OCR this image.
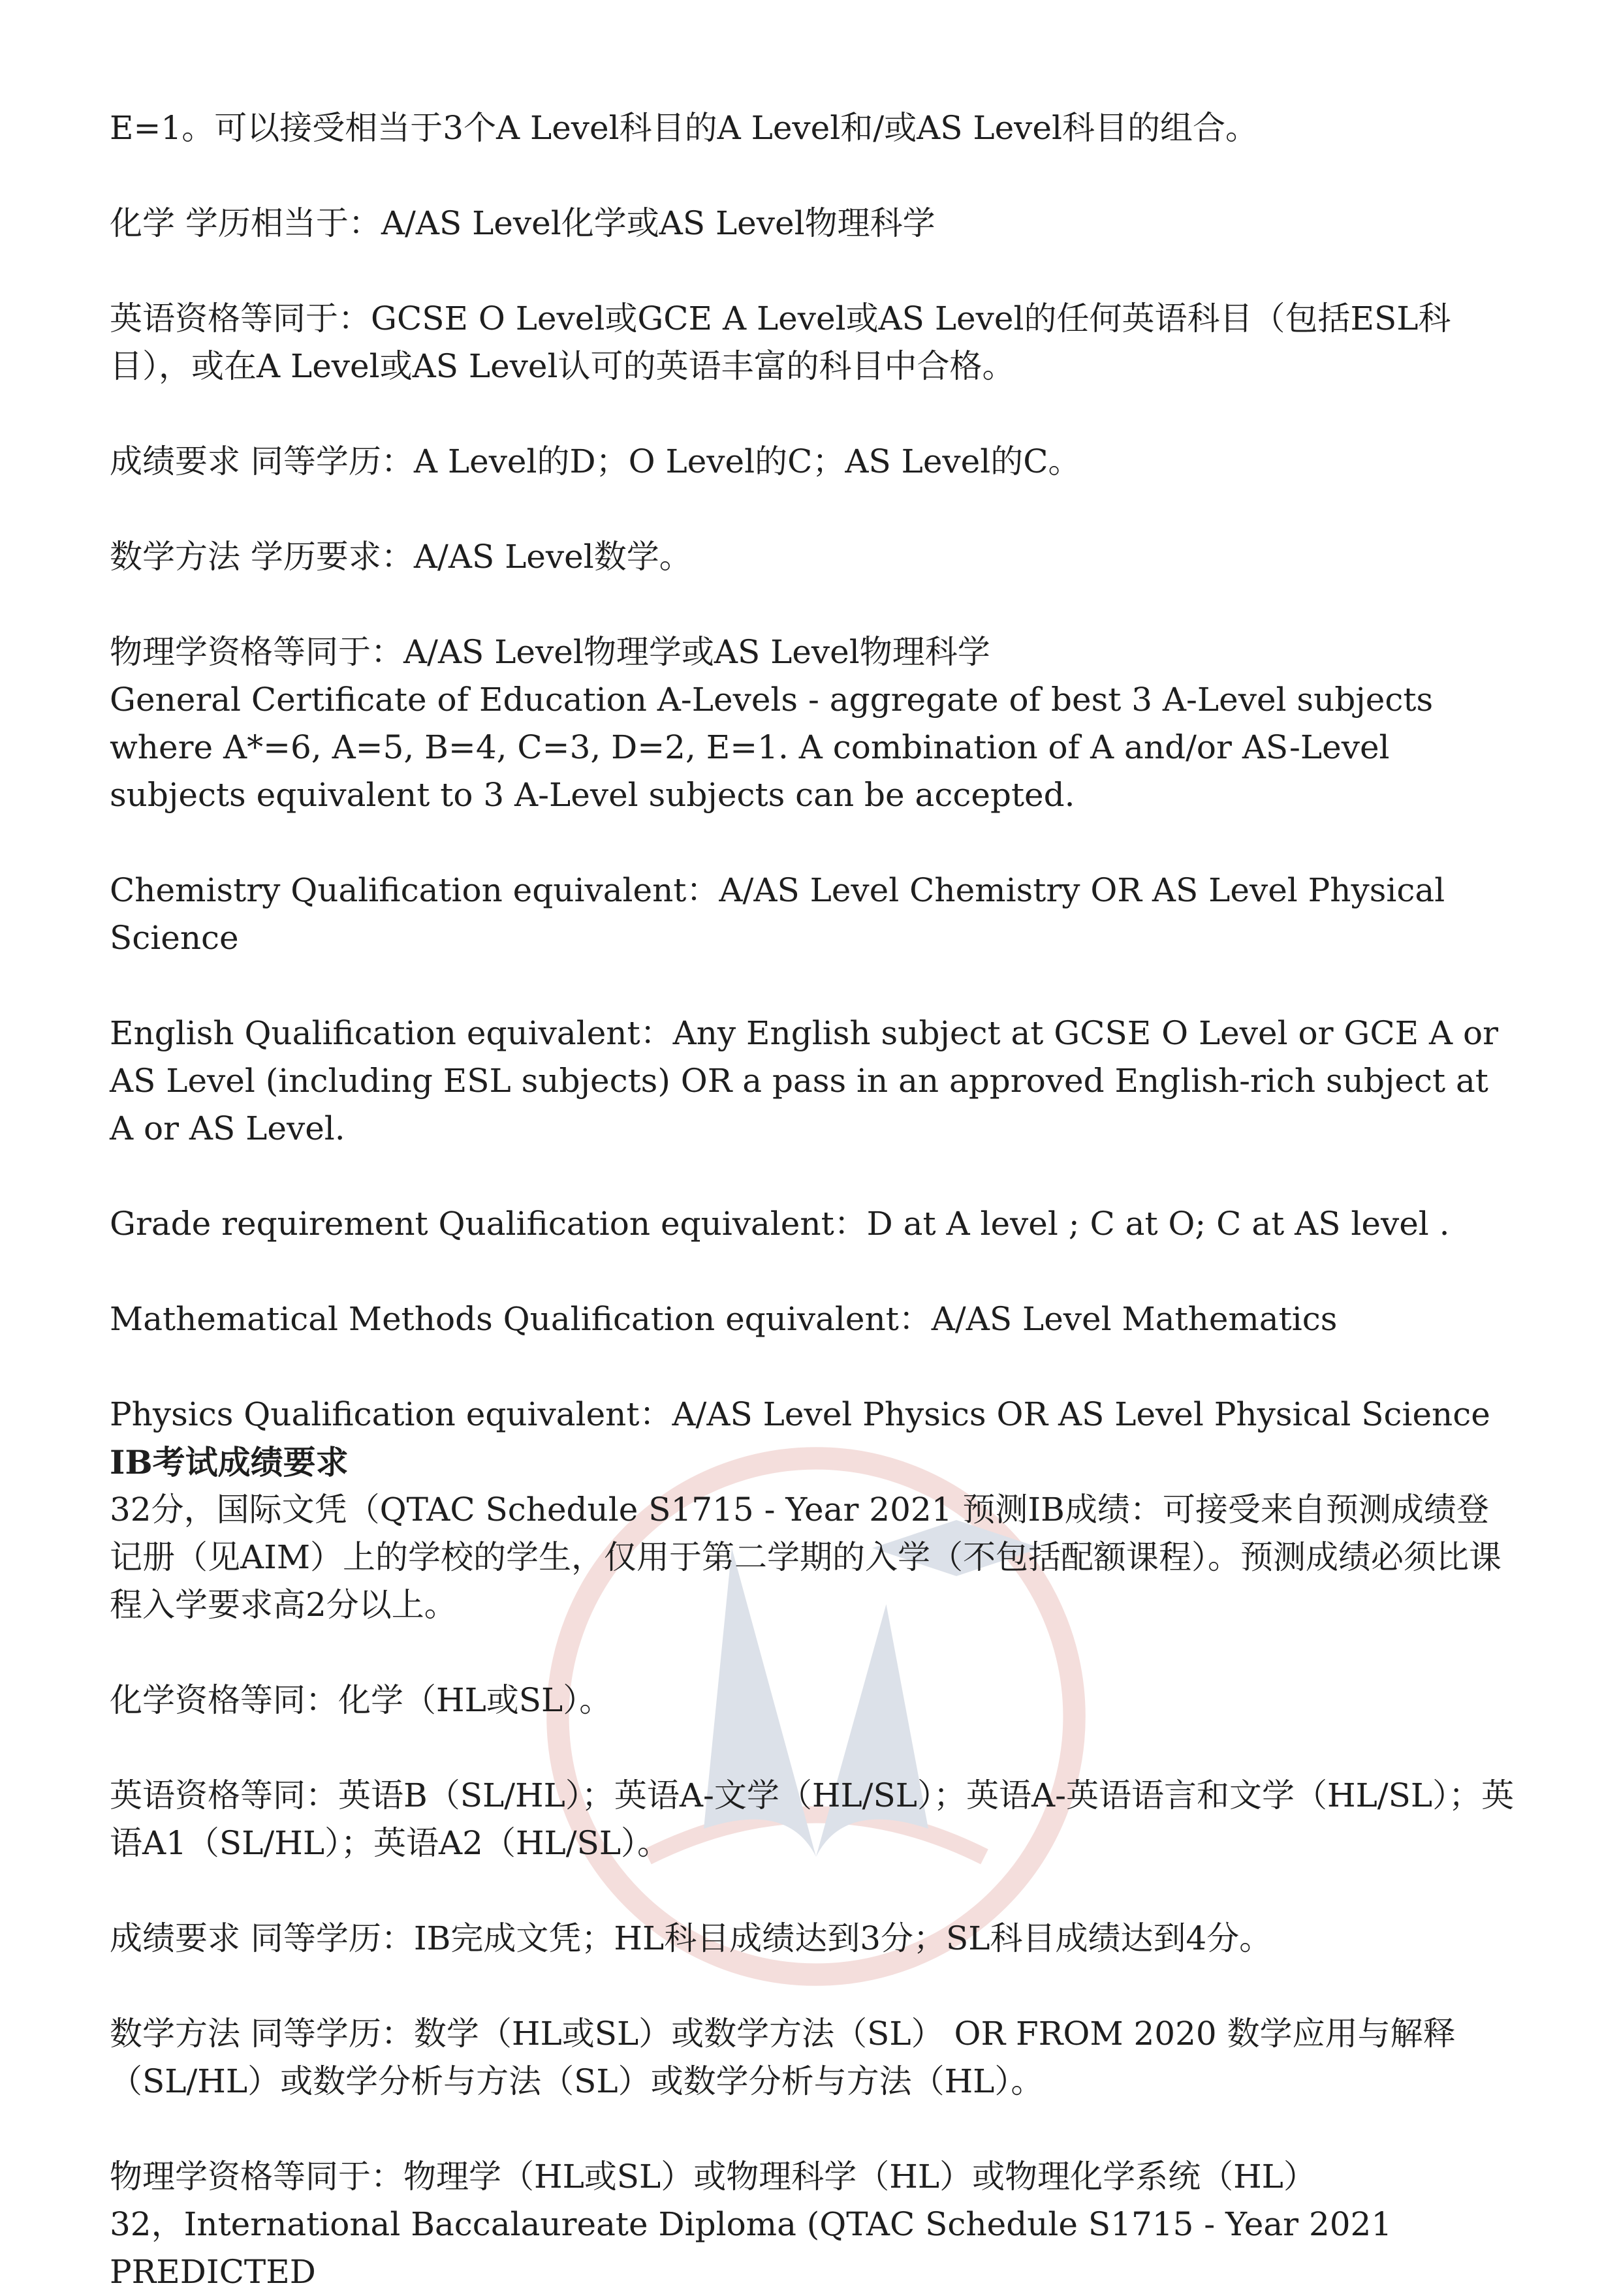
E=1。可以接受相当于3个A Level科目的A Level和/或AS Level科目的组合。

化学 学历相当于：A/AS Level化学或AS Level物理科学

英语资格等同于：GCSE O Level或GCE A Level或AS Level的任何英语科目（包括ESL科目），或在A Level或AS Level认可的英语丰富的科目中合格。

成绩要求 同等学历：A Level的D；O Level的C；AS Level的C。

数学方法 学历要求：A/AS Level数学。

物理学资格等同于：A/AS Level物理学或AS Level物理科学

General Certificate of Education A-Levels - aggregate of best 3 A-Level subjects where A*=6, A=5, B=4, C=3, D=2, E=1. A combination of A and/or AS-Level subjects equivalent to 3 A-Level subjects can be accepted.

Chemistry Qualification equivalent：A/AS Level Chemistry OR AS Level Physical Science

English Qualification equivalent：Any English subject at GCSE O Level or GCE A or AS Level (including ESL subjects) OR a pass in an approved English-rich subject at A or AS Level.

Grade requirement Qualification equivalent：D at A level ; C at O; C at AS level .

Mathematical Methods Qualification equivalent：A/AS Level Mathematics

Physics Qualification equivalent：A/AS Level Physics OR AS Level Physical Science

IB考试成绩要求

32分，国际文凭（QTAC Schedule S1715 - Year 2021 预测IB成绩：可接受来自预测成绩登记册（见AIM）上的学校的学生，仅用于第二学期的入学（不包括配额课程）。预测成绩必须比课程入学要求高2分以上。

化学资格等同：化学（HL或SL）。

英语资格等同：英语B（SL/HL）；英语A-文学（HL/SL）；英语A-英语语言和文学（HL/SL）；英语A1（SL/HL）；英语A2（HL/SL）。

成绩要求 同等学历：IB完成文凭；HL科目成绩达到3分；SL科目成绩达到4分。

数学方法 同等学历：数学（HL或SL）或数学方法（SL） OR FROM 2020 数学应用与解释（SL/HL）或数学分析与方法（SL）或数学分析与方法（HL）。

物理学资格等同于：物理学（HL或SL）或物理科学（HL）或物理化学系统（HL）

32，International Baccalaureate Diploma (QTAC Schedule S1715 - Year 2021 PREDICTED
